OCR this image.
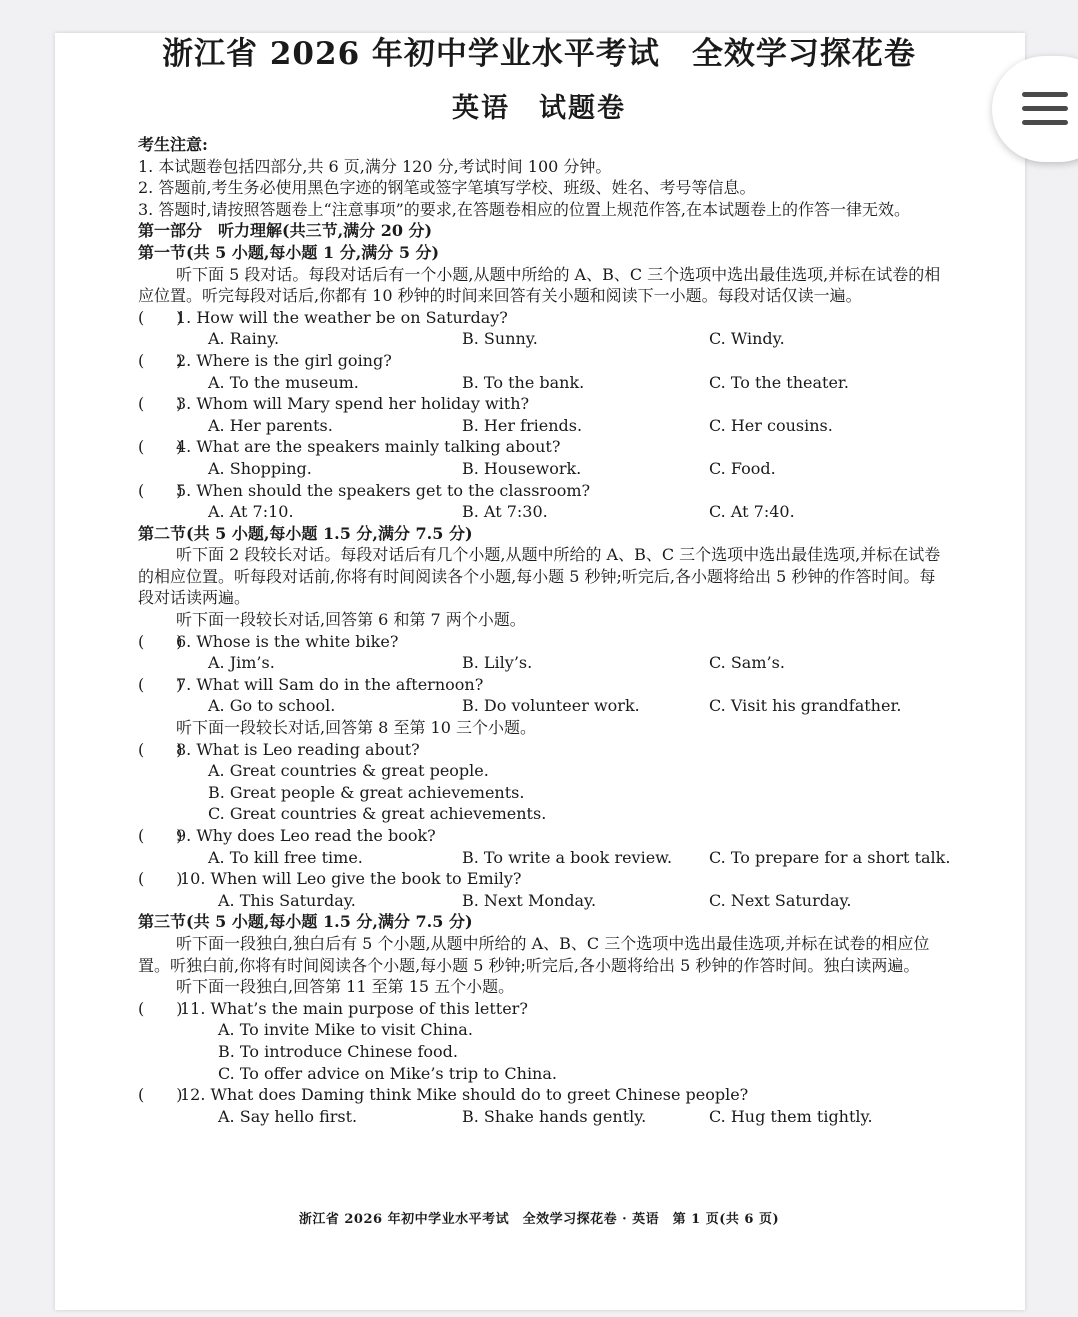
浙江省 2026 年初中学业水平考试　全效学习探花卷
英语　试题卷
考生注意:
1. 本试题卷包括四部分,共 6 页,满分 120 分,考试时间 100 分钟。
2. 答题前,考生务必使用黑色字迹的钢笔或签字笔填写学校、班级、姓名、考号等信息。
3. 答题时,请按照答题卷上“注意事项”的要求,在答题卷相应的位置上规范作答,在本试题卷上的作答一律无效。
第一部分　听力理解(共三节,满分 20 分)
第一节(共 5 小题,每小题 1 分,满分 5 分)
听下面 5 段对话。每段对话后有一个小题,从题中所给的 A、B、C 三个选项中选出最佳选项,并标在试卷的相应位置。听完每段对话后,你都有 10 秒钟的时间来回答有关小题和阅读下一小题。每段对话仅读一遍。
(　　)
1. How will the weather be on Saturday?
A. Rainy.	B. Sunny.	C. Windy.
(　　)
2. Where is the girl going?
A. To the museum.	B. To the bank.	C. To the theater.
(　　)
3. Whom will Mary spend her holiday with?
A. Her parents.	B. Her friends.	C. Her cousins.
(　　)
4. What are the speakers mainly talking about?
A. Shopping.	B. Housework.	C. Food.
(　　)
5. When should the speakers get to the classroom?
A. At 7:10.	B. At 7:30.	C. At 7:40.
第二节(共 5 小题,每小题 1.5 分,满分 7.5 分)
听下面 2 段较长对话。每段对话后有几个小题,从题中所给的 A、B、C 三个选项中选出最佳选项,并标在试卷的相应位置。听每段对话前,你将有时间阅读各个小题,每小题 5 秒钟;听完后,各小题将给出 5 秒钟的作答时间。每段对话读两遍。
听下面一段较长对话,回答第 6 和第 7 两个小题。
(　　)
6. Whose is the white bike?
A. Jim’s.	B. Lily’s.	C. Sam’s.
(　　)
7. What will Sam do in the afternoon?
A. Go to school.	B. Do volunteer work.	C. Visit his grandfather.
听下面一段较长对话,回答第 8 至第 10 三个小题。
(　　)
8. What is Leo reading about?
A. Great countries & great people.
B. Great people & great achievements.
C. Great countries & great achievements.
(　　)
9. Why does Leo read the book?
A. To kill free time.	B. To write a book review. C. To prepare for a short talk.
(　　)
10. When will Leo give the book to Emily?
A. This Saturday.	B. Next Monday.	C. Next Saturday.
第三节(共 5 小题,每小题 1.5 分,满分 7.5 分)
听下面一段独白,独白后有 5 个小题,从题中所给的 A、B、C 三个选项中选出最佳选项,并标在试卷的相应位置。听独白前,你将有时间阅读各个小题,每小题 5 秒钟;听完后,各小题将给出 5 秒钟的作答时间。独白读两遍。
听下面一段独白,回答第 11 至第 15 五个小题。
(　　)
11. What’s the main purpose of this letter?
A. To invite Mike to visit China.
B. To introduce Chinese food.
C. To offer advice on Mike’s trip to China.
(　　)
12. What does Daming think Mike should do to greet Chinese people?
A. Say hello first.	B. Shake hands gently.	C. Hug them tightly.
浙江省 2026 年初中学业水平考试　全效学习探花卷 · 英语　第 1 页(共 6 页)
